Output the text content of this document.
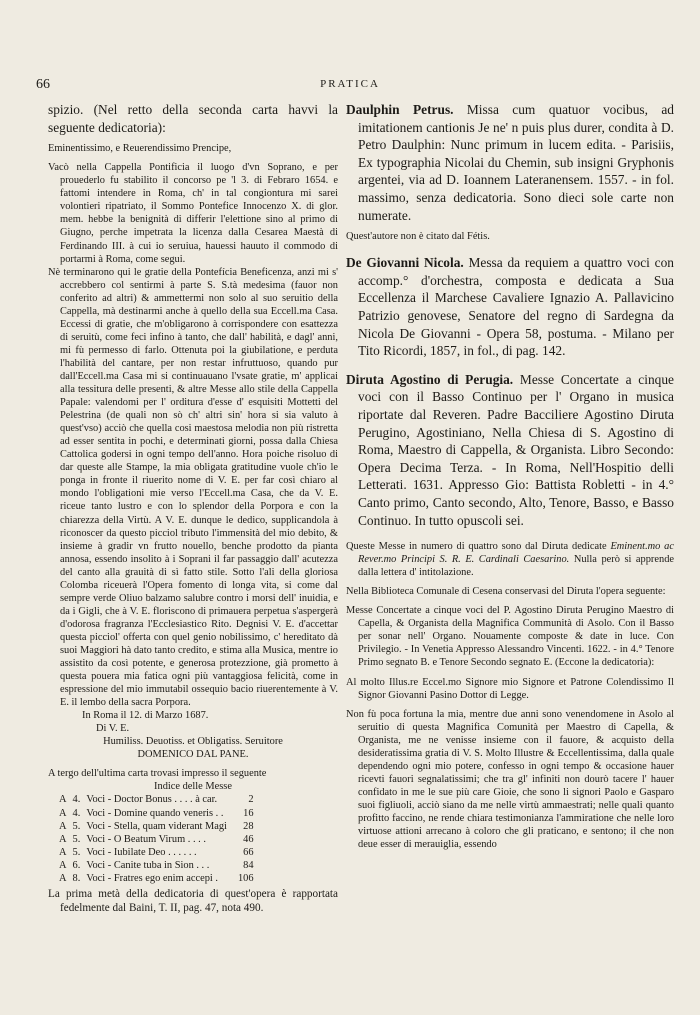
66	PRATICA

spizio. (Nel retto della seconda carta havvi la seguente dedicatoria):

Eminentissimo, e Reuerendissimo Prencipe,

Vacò nella Cappella Pontificia il luogo d'vn Soprano, e per prouederlo fu stabilito il concorso pe 'l 3. di Febraro 1654. e fattomi intendere in Roma, ch' in tal congiontura mi sarei volontieri ripatriato, il Sommo Pontefice Innocenzo X. di glor. mem. hebbe la benignità di differir l'elettione sino al primo di Giugno, perche impetrata la licenza dalla Cesarea Maestà di Ferdinando III. à cui io seruiua, hauessi hauuto il commodo di portarmi à Roma, come segui.

Nè terminarono qui le gratie della Pontefícia Beneficenza, anzi mi s' accrebbero col sentirmi à parte S. S.tà medesima (fauor non conferito ad altri) & ammettermi non solo al suo seruitio della Cappella, mà destinarmi anche à quello della sua Eccell.ma Casa. Eccessi di gratie, che m'obligarono à corrispondere con esattezza di seruitù, come feci infino à tanto, che dall' habilità, e dagl' anni, mi fù permesso di farlo. Ottenuta poi la giubilatione, e perduta l'habilità del cantare, per non restar infruttuoso, quando pur dall'Eccell.ma Casa mi si continuauano l'vsate gratie, m' applicai alla tessitura delle presenti, & altre Messe allo stile della Cappella Papale: valendomi per l' orditura d'esse d' esquisiti Mottetti del Pelestrina (de quali non sò ch' altri sin' hora si sia valuto à quest'vso) acciò che quella cosi maestosa melodia non più ristretta ad esser sentita in pochi, e determinati giorni, possa dalla Chiesa Cattolica godersi in ogni tempo dell'anno. Hora poiche risoluo di dar queste alle Stampe, la mia obligata gratitudine vuole ch'io le ponga in fronte il riuerito nome di V. E. per far così chiaro al mondo l'obligationi mie verso l'Eccell.ma Casa, che da V. E. riceue tanto lustro e con lo splendor della Porpora e con la chiarezza della Virtù. A V. E. dunque le dedico, supplicandola à riconoscer da questo picciol tributo l'immensità del mio debito, & insieme à gradir vn frutto nouello, benche prodotto da pianta annosa, essendo insolito à i Soprani il far passaggio dall' acutezza del canto alla grauità di sì fatto stile. Sotto l'ali della gloriosa Colomba riceuerà l'Opera fomento di longa vita, si come dal sempre verde Oliuo balzamo salubre contro i morsi dell' inuidia, e da i Gigli, che à V. E. floriscono di primauera perpetua s'aspergerà d'odorosa fragranza l'Ecclesiastico Rito. Degnisi V. E. d'accettar questa picciol' offerta con quel genio nobilissimo, c' hereditato dà suoi Maggiori hà dato tanto credito, e stima alla Musica, mentre io assistito da così potente, e generosa protezzione, già prometto à questa pouera mia fatica ogni più vantaggiosa felicità, come in espressione del mio immutabil ossequio bacio riuerentemente à V. E. il lembo della sacra Porpora.

In Roma il 12. di Marzo 1687.

Di V. E.

Humiliss. Deuotiss. et Obligatiss. Seruitore

DOMENICO DAL PANE.

A tergo dell'ultima carta trovasi impresso il seguente

Indice delle Messe

A	4.	Voci - Doctor Bonus . . . . à car.	2
A	4.	Voci - Domine quando veneris . .	16
A	5.	Voci - Stella, quam viderant Magi	28
A	5.	Voci - O Beatum Virum . . . .	46
A	5.	Voci - Iubilate Deo . . . . . .	66
A	6.	Voci - Canite tuba in Sion . . .	84
A	8.	Voci - Fratres ego enim accepi .	106

La prima metà della dedicatoria di quest'opera è rapportata fedelmente dal Baini, T. II, pag. 47, nota 490.

Daulphin Petrus. Missa cum quatuor vocibus, ad imitationem cantionis Je ne' n puis plus durer, condita à D. Petro Daulphin: Nunc primum in lucem edita. - Parisiis, Ex typographia Nicolai du Chemin, sub insigni Gryphonis argentei, via ad D. Ioannem Lateranensem. 1557. - in fol. massimo, senza dedicatoria. Sono dieci sole carte non numerate.

Quest'autore non è citato dal Fétis.

De Giovanni Nicola. Messa da requiem a quattro voci con accomp.° d'orchestra, composta e dedicata a Sua Eccellenza il Marchese Cavaliere Ignazio A. Pallavicino Patrizio genovese, Senatore del regno di Sardegna da Nicola De Giovanni - Opera 58, postuma. - Milano per Tito Ricordi, 1857, in fol., di pag. 142.

Diruta Agostino di Perugia. Messe Concertate a cinque voci con il Basso Continuo per l' Organo in musica riportate dal Reveren. Padre Bacciliere Agostino Diruta Perugino, Agostiniano, Nella Chiesa di S. Agostino di Roma, Maestro di Cappella, & Organista. Libro Secondo: Opera Decima Terza. - In Roma, Nell'Hospitio delli Letterati. 1631. Appresso Gio: Battista Robletti - in 4.° Canto primo, Canto secondo, Alto, Tenore, Basso, e Basso Continuo. In tutto opuscoli sei.

Queste Messe in numero di quattro sono dal Diruta dedicate Eminent.mo ac Rever.mo Principi S. R. E. Cardinali Caesarino. Nulla però si apprende dalla lettera d' intitolazione.

Nella Biblioteca Comunale di Cesena conservasi del Diruta l'opera seguente:

Messe Concertate a cinque voci del P. Agostino Diruta Perugino Maestro di Capella, & Organista della Magnifica Communità di Asolo. Con il Basso per sonar nell' Organo. Nouamente composte & date in luce. Con Privilegio. - In Venetia Appresso Alessandro Vincenti. 1622. - in 4.° Tenore Primo segnato B. e Tenore Secondo segnato E. (Eccone la dedicatoria):

Al molto Illus.re Eccel.mo Signore mio Signore et Patrone Colendissimo Il Signor Giovanni Pasino Dottor di Legge.

Non fù poca fortuna la mia, mentre due anni sono venendomene in Asolo al seruitio di questa Magnifica Comunità per Maestro di Capella, & Organista, me ne venisse insieme con il fauore, & acquisto della desideratissima gratia di V. S. Molto Illustre & Eccellentissima, dalla quale dependendo ogni mio potere, confesso in ogni tempo & occasione hauer ricevti fauori segnalatissimi; che tra gl' infiniti non dourò tacere l' hauer confidato in me le sue più care Gioie, che sono li signori Paolo e Gasparo suoi figliuoli, acciò siano da me nelle virtù ammaestrati; nelle quali quanto profitto faccino, ne rende chiara testimonianza l'ammiratione che nelle loro virtuose attioni arrecano à coloro che gli praticano, e sentono; il che non deue esser di merauiglia, essendo
